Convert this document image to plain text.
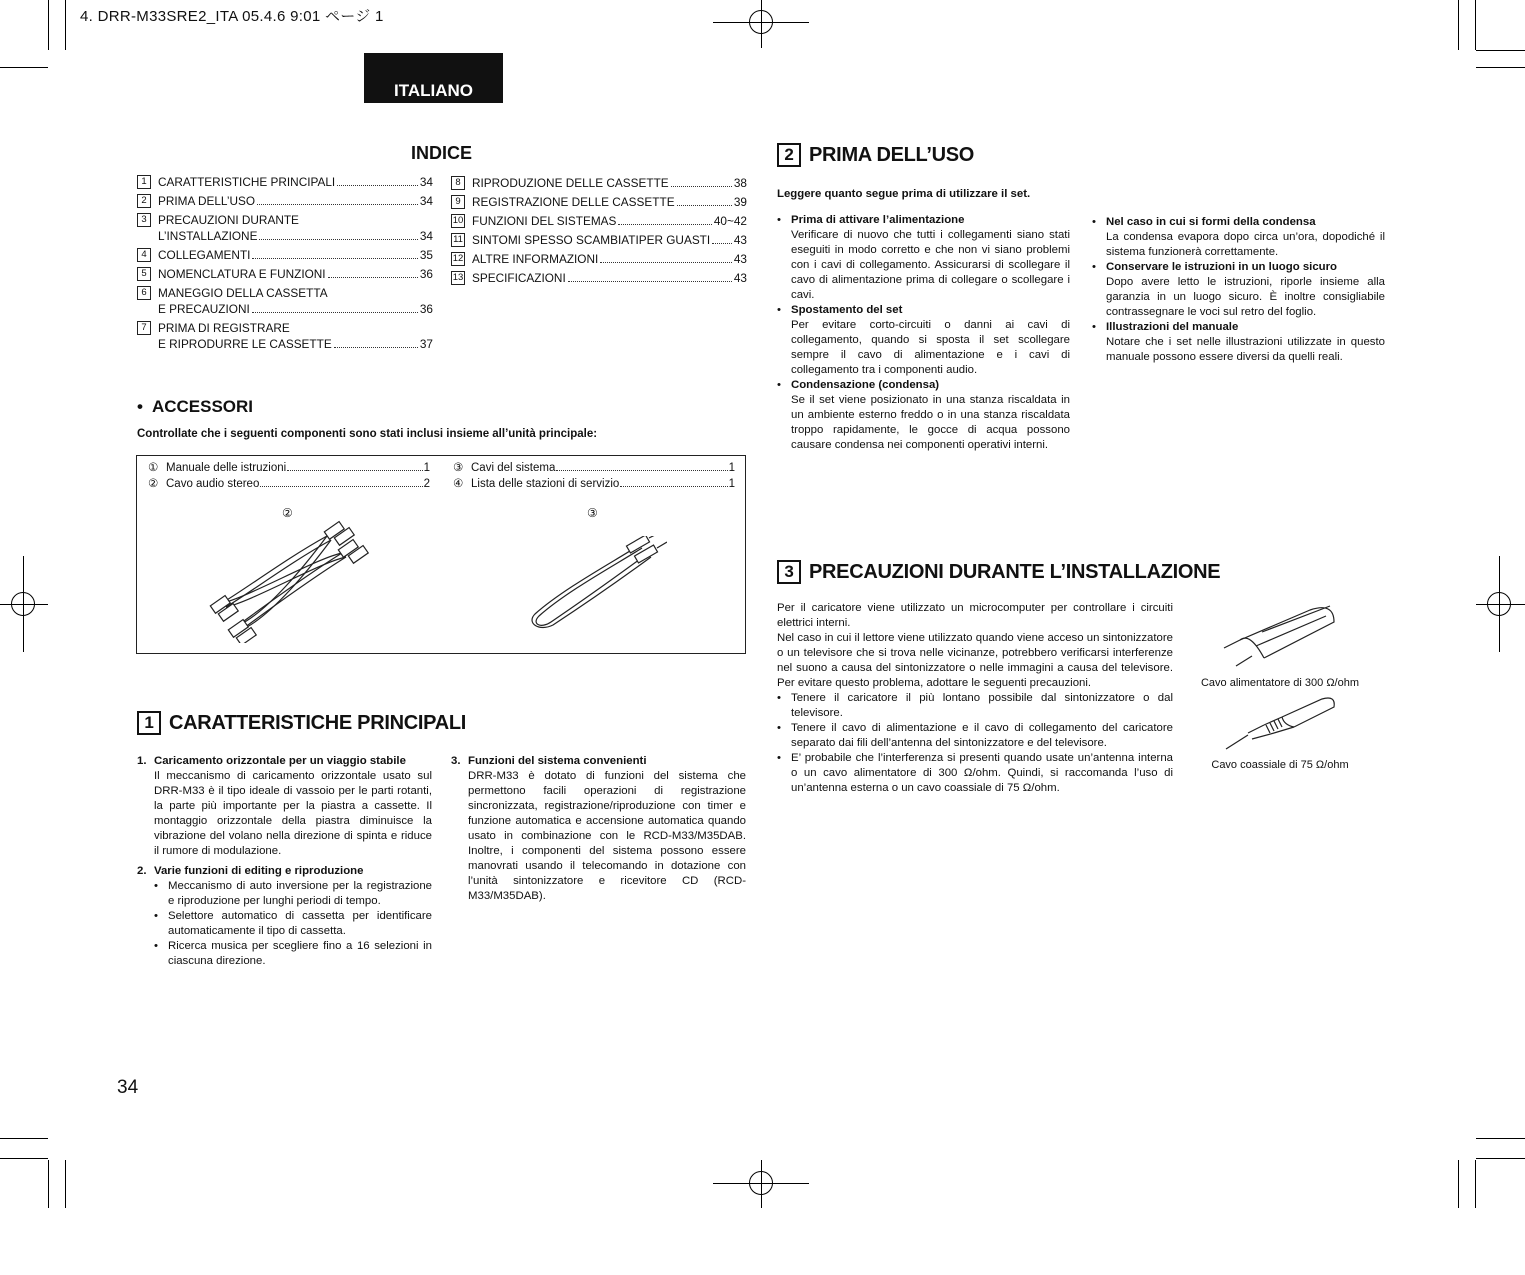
4. DRR-M33SRE2_ITA 05.4.6 9:01 ページ 1
ITALIANO
INDICE
1 CARATTERISTICHE PRINCIPALI	34
2 PRIMA DELL’USO	34
3 PRECAUZIONI DURANTE
L’INSTALLAZIONE	34
4 COLLEGAMENTI	35
5 NOMENCLATURA E FUNZIONI	36
6 MANEGGIO DELLA CASSETTA
E PRECAUZIONI	36
7 PRIMA DI REGISTRARE
E RIPRODURRE LE CASSETTE	37
8 RIPRODUZIONE DELLE CASSETTE	38
9 REGISTRAZIONE DELLE CASSETTE	39
10 FUNZIONI DEL SISTEMAS	40~42
11 SINTOMI SPESSO SCAMBIATIPER GUASTI 43
12 ALTRE INFORMAZIONI	43
13 SPECIFICAZIONI	43
• ACCESSORI
Controllate che i seguenti componenti sono stati inclusi insieme all’unità principale:
① Manuale delle istruzioni	1
② Cavo audio stereo	2
③ Cavi del sistema	1
④ Lista delle stazioni di servizio	1
②	③
1 CARATTERISTICHE PRINCIPALI
1. Caricamento orizzontale per un viaggio stabile
Il meccanismo di caricamento orizzontale usato sul DRR-M33 è il tipo ideale di vassoio per le parti rotanti, la parte più importante per la piastra a cassette. Il montaggio orizzontale della piastra diminuisce la vibrazione del volano nella direzione di spinta e riduce il rumore di modulazione.
2. Varie funzioni di editing e riproduzione
• Meccanismo di auto inversione per la registrazione e riproduzione per lunghi periodi di tempo.
• Selettore automatico di cassetta per identificare automaticamente il tipo di cassetta.
• Ricerca musica per scegliere fino a 16 selezioni in ciascuna direzione.
3. Funzioni del sistema convenienti
DRR-M33 è dotato di funzioni del sistema che permettono facili operazioni di registrazione sincronizzata, registrazione/riproduzione con timer e funzione automatica e accensione automatica quando usato in combinazione con le RCD-M33/M35DAB. Inoltre, i componenti del sistema possono essere manovrati usando il telecomando in dotazione con l’unità sintonizzatore e ricevitore CD (RCD-M33/M35DAB).
2 PRIMA DELL’USO
Leggere quanto segue prima di utilizzare il set.
• Prima di attivare l’alimentazione
Verificare di nuovo che tutti i collegamenti siano stati eseguiti in modo corretto e che non vi siano problemi con i cavi di collegamento. Assicurarsi di scollegare il cavo di alimentazione prima di collegare o scollegare i cavi.
• Spostamento del set
Per evitare corto-circuiti o danni ai cavi di collegamento, quando si sposta il set scollegare sempre il cavo di alimentazione e i cavi di collegamento tra i componenti audio.
• Condensazione (condensa)
Se il set viene posizionato in una stanza riscaldata in un ambiente esterno freddo o in una stanza riscaldata troppo rapidamente, le gocce di acqua possono causare condensa nei componenti operativi interni.
• Nel caso in cui si formi della condensa
La condensa evapora dopo circa un’ora, dopodiché il sistema funzionerà correttamente.
• Conservare le istruzioni in un luogo sicuro
Dopo avere letto le istruzioni, riporle insieme alla garanzia in un luogo sicuro. È inoltre consigliabile contrassegnare le voci sul retro del foglio.
• Illustrazioni del manuale
Notare che i set nelle illustrazioni utilizzate in questo manuale possono essere diversi da quelli reali.
3 PRECAUZIONI DURANTE L’INSTALLAZIONE
Per il caricatore viene utilizzato un microcomputer per controllare i circuiti elettrici interni.
Nel caso in cui il lettore viene utilizzato quando viene acceso un sintonizzatore o un televisore che si trova nelle vicinanze, potrebbero verificarsi interferenze nel suono a causa del sintonizzatore o nelle immagini a causa del televisore. Per evitare questo problema, adottare le seguenti precauzioni.
• Tenere il caricatore il più lontano possibile dal sintonizzatore o dal televisore.
• Tenere il cavo di alimentazione e il cavo di collegamento del caricatore separato dai fili dell’antenna del sintonizzatore e del televisore.
• E’ probabile che l’interferenza si presenti quando usate un’antenna interna o un cavo alimentatore di 300 Ω/ohm. Quindi, si raccomanda l’uso di un’antenna esterna o un cavo coassiale di 75 Ω/ohm.
Cavo alimentatore di 300 Ω/ohm
Cavo coassiale di 75 Ω/ohm
34
